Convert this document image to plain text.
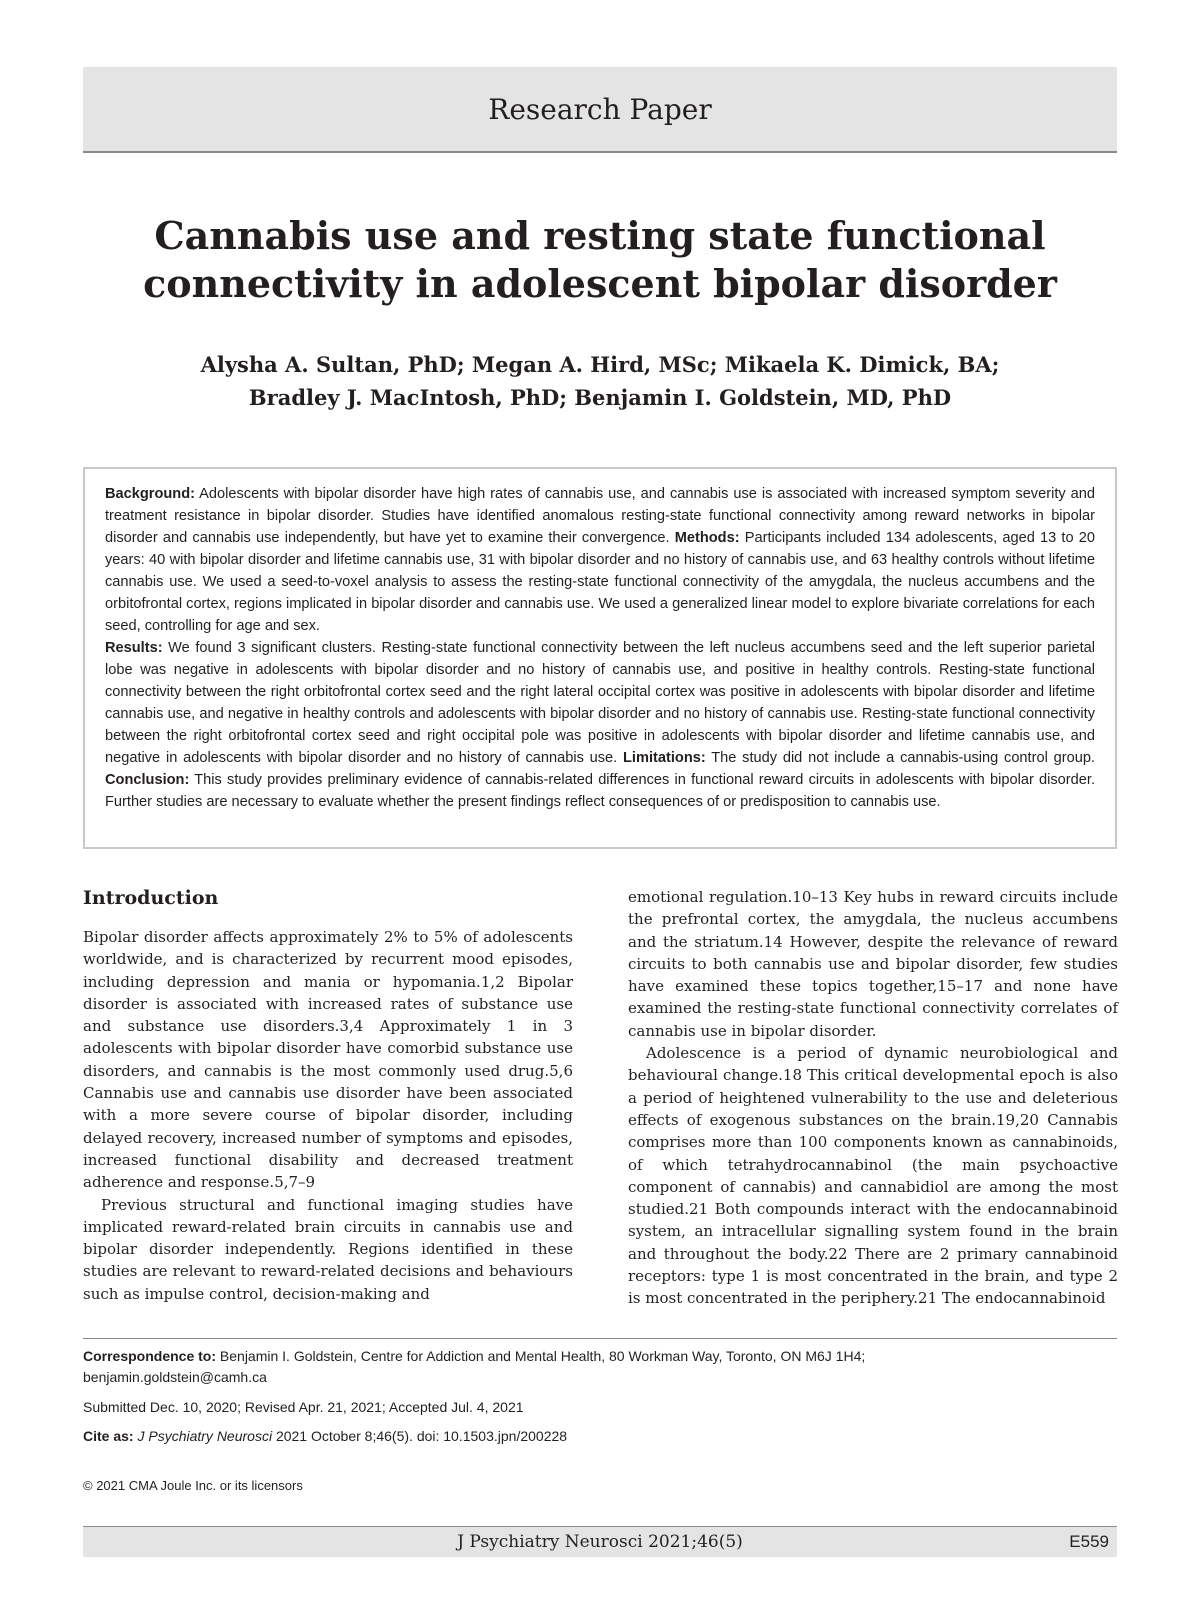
Research Paper
Cannabis use and resting state functional connectivity in adolescent bipolar disorder
Alysha A. Sultan, PhD; Megan A. Hird, MSc; Mikaela K. Dimick, BA;
Bradley J. MacIntosh, PhD; Benjamin I. Goldstein, MD, PhD
Background: Adolescents with bipolar disorder have high rates of cannabis use, and cannabis use is associated with increased symptom severity and treatment resistance in bipolar disorder. Studies have identified anomalous resting-state functional connectivity among reward networks in bipolar disorder and cannabis use independently, but have yet to examine their convergence. Methods: Participants included 134 adolescents, aged 13 to 20 years: 40 with bipolar disorder and lifetime cannabis use, 31 with bipolar disorder and no history of cannabis use, and 63 healthy controls without lifetime cannabis use. We used a seed-to-voxel analysis to assess the resting-state functional connectivity of the amygdala, the nucleus accumbens and the orbitofrontal cortex, regions implicated in bipolar disorder and cannabis use. We used a generalized linear model to explore bivariate correlations for each seed, controlling for age and sex.
Results: We found 3 significant clusters. Resting-state functional connectivity between the left nucleus accumbens seed and the left superior parietal lobe was negative in adolescents with bipolar disorder and no history of cannabis use, and positive in healthy controls. Resting-state functional connectivity between the right orbitofrontal cortex seed and the right lateral occipital cortex was positive in adolescents with bipolar disorder and lifetime cannabis use, and negative in healthy controls and adolescents with bipolar disorder and no history of cannabis use. Resting-state functional connectivity between the right orbitofrontal cortex seed and right occipital pole was positive in adolescents with bipolar disorder and lifetime cannabis use, and negative in adolescents with bipolar disorder and no history of cannabis use. Limitations: The study did not include a cannabis-using control group. Conclusion: This study provides preliminary evidence of cannabis-related differences in functional reward circuits in adolescents with bipolar disorder. Further studies are necessary to evaluate whether the present findings reflect consequences of or predisposition to cannabis use.
Introduction

Bipolar disorder affects approximately 2% to 5% of adolescents worldwide, and is characterized by recurrent mood episodes, including depression and mania or hypomania.1,2 Bipolar disorder is associated with increased rates of substance use and substance use disorders.3,4 Approximately 1 in 3 adolescents with bipolar disorder have comorbid substance use disorders, and cannabis is the most commonly used drug.5,6 Cannabis use and cannabis use disorder have been associated with a more severe course of bipolar disorder, including delayed recovery, increased number of symptoms and episodes, increased functional disability and decreased treatment adherence and response.5,7–9

Previous structural and functional imaging studies have implicated reward-related brain circuits in cannabis use and bipolar disorder independently. Regions identified in these studies are relevant to reward-related decisions and behaviours such as impulse control, decision-making and

emotional regulation.10–13 Key hubs in reward circuits include the prefrontal cortex, the amygdala, the nucleus accumbens and the striatum.14 However, despite the relevance of reward circuits to both cannabis use and bipolar disorder, few studies have examined these topics together,15–17 and none have examined the resting-state functional connectivity correlates of cannabis use in bipolar disorder.

Adolescence is a period of dynamic neurobiological and behavioural change.18 This critical developmental epoch is also a period of heightened vulnerability to the use and deleterious effects of exogenous substances on the brain.19,20 Cannabis comprises more than 100 components known as cannabinoids, of which tetrahydrocannabinol (the main psychoactive component of cannabis) and cannabidiol are among the most studied.21 Both compounds interact with the endocannabinoid system, an intracellular signalling system found in the brain and throughout the body.22 There are 2 primary cannabinoid receptors: type 1 is most concentrated in the brain, and type 2 is most concentrated in the periphery.21 The endocannabinoid

Correspondence to: Benjamin I. Goldstein, Centre for Addiction and Mental Health, 80 Workman Way, Toronto, ON M6J 1H4;
benjamin.goldstein@camh.ca

Submitted Dec. 10, 2020; Revised Apr. 21, 2021; Accepted Jul. 4, 2021

Cite as: J Psychiatry Neurosci 2021 October 8;46(5). doi: 10.1503.jpn/200228

© 2021 CMA Joule Inc. or its licensors

J Psychiatry Neurosci 2021;46(5)	E559
